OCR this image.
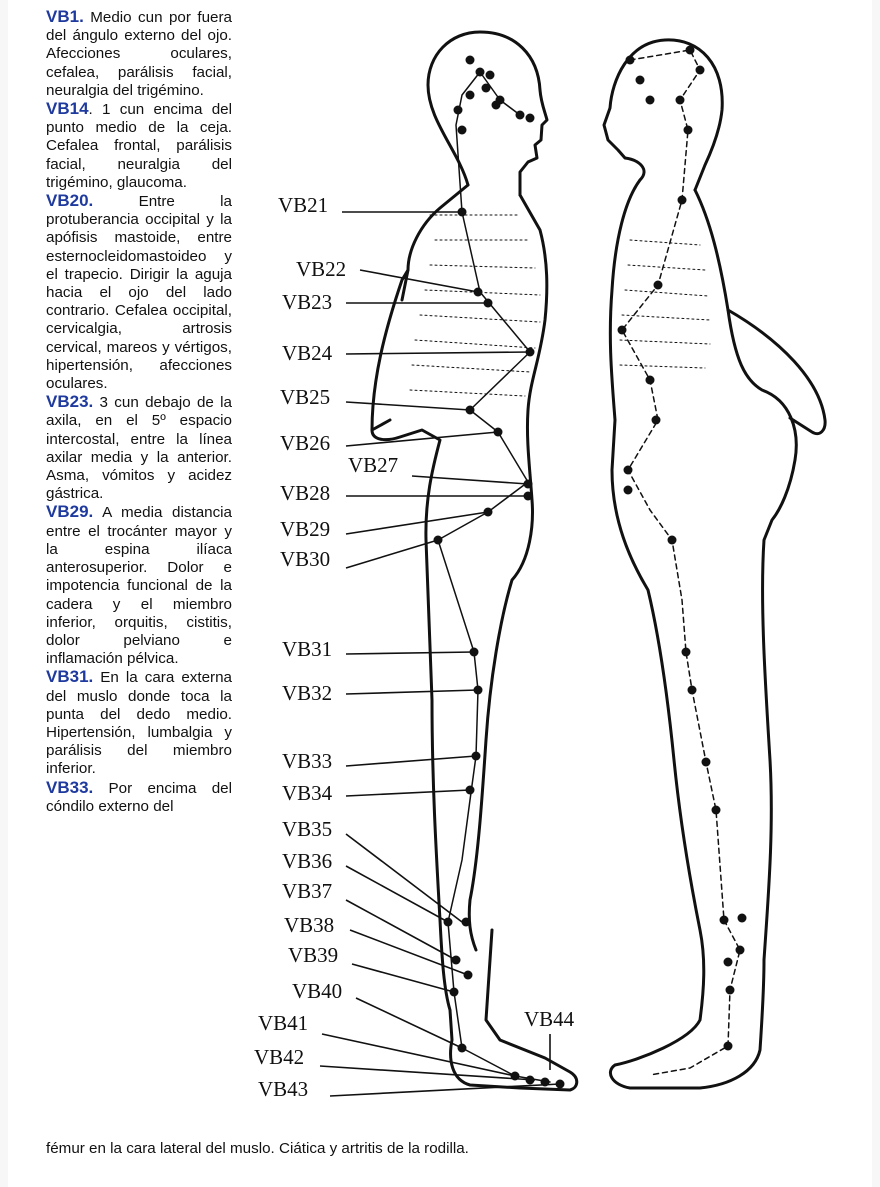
VB1. Medio cun por fuera del ángulo externo del ojo. Afecciones oculares, cefalea, parálisis facial, neuralgia del trigémino.

VB14. 1 cun encima del punto medio de la ceja. Cefalea frontal, parálisis facial, neuralgia del trigémino, glaucoma.

VB20. Entre la protuberancia occipital y la apófisis mastoide, entre esternocleidomastoideo y el trapecio. Dirigir la aguja hacia el ojo del lado contrario. Cefalea occipital, cervicalgia, artrosis cervical, mareos y vértigos, hipertensión, afecciones oculares.

VB23. 3 cun debajo de la axila, en el 5º espacio intercostal, entre la línea axilar media y la anterior. Asma, vómitos y acidez gástrica.

VB29. A media distancia entre el trocánter mayor y la espina ilíaca anterosuperior. Dolor e impotencia funcional de la cadera y el miembro inferior, orquitis, cistitis, dolor pelviano e inflamación pélvica.

VB31. En la cara externa del muslo donde toca la punta del dedo medio. Hipertensión, lumbalgia y parálisis del miembro inferior.

VB33. Por encima del cóndilo externo del

fémur en la cara lateral del muslo. Ciática y artritis de la rodilla.
VB21
VB22
VB23
VB24
VB25
VB26
VB27
VB28
VB29
VB30
VB31
VB32
VB33
VB34
VB35
VB36
VB37
VB38
VB39
VB40
VB41
VB42
VB43
VB44
